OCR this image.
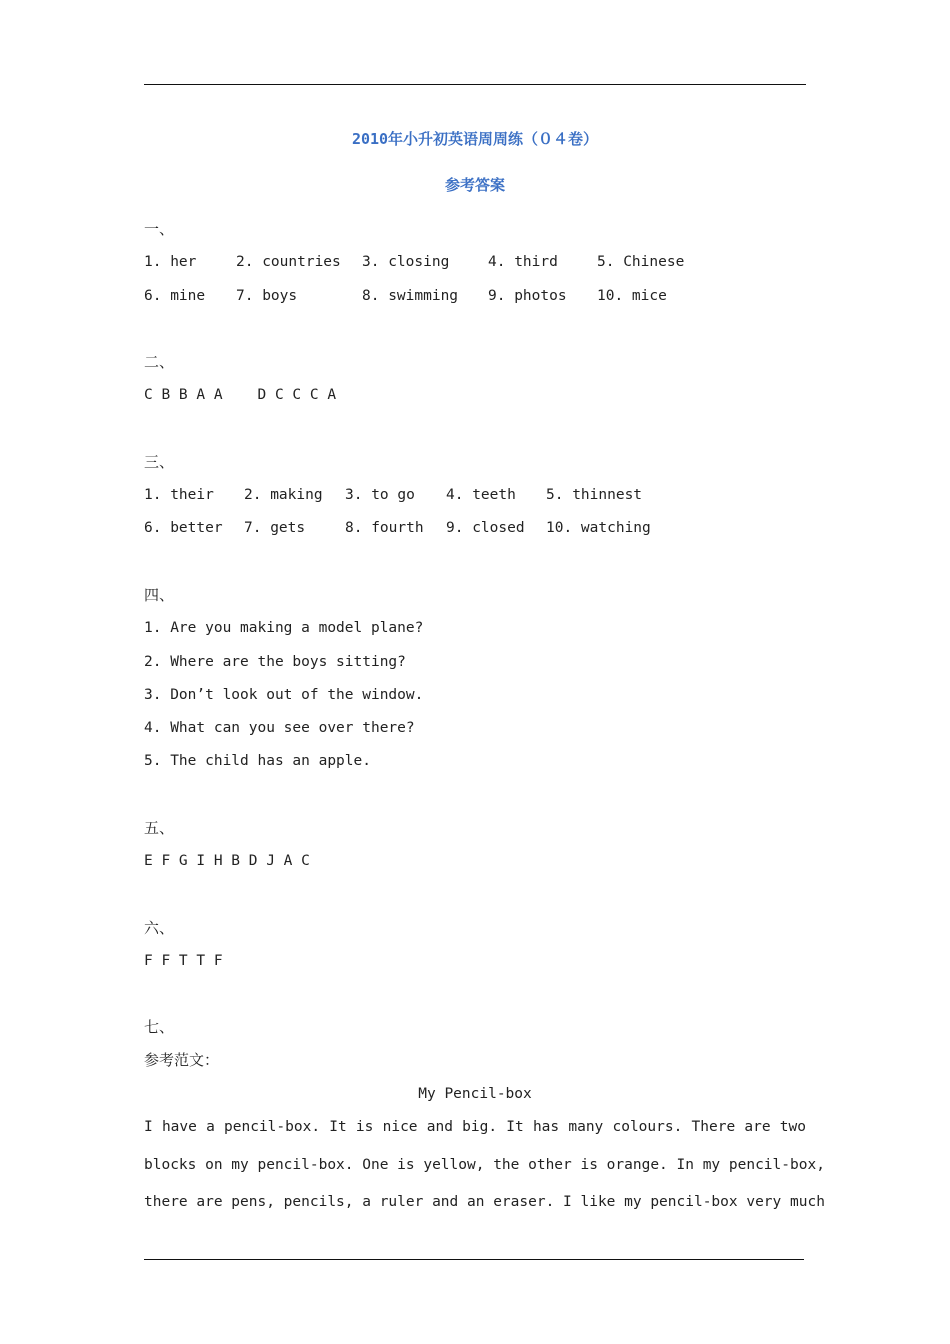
2010年小升初英语周周练（０４卷）
参考答案
一、
1. her	2. countries 3. closing	4. third	5. Chinese
6. mine 7. boys	8. swimming 9. photos 10. mice
二、
C B B A A    D C C C A
三、
1. their 2. making 3. to go 4. teeth 5. thinnest
6. better 7. gets	8. fourth 9. closed 10. watching
四、
1. Are you making a model plane?
2. Where are the boys sitting?
3. Don’t look out of the window.
4. What can you see over there?
5. The child has an apple.
五、
E F G I H B D J A C
六、
F F T T F
七、
参考范文：
My Pencil-box
I have a pencil-box. It is nice and big. It has many colours. There are two
blocks on my pencil-box. One is yellow, the other is orange. In my pencil-box,
there are pens, pencils, a ruler and an eraser. I like my pencil-box very much
